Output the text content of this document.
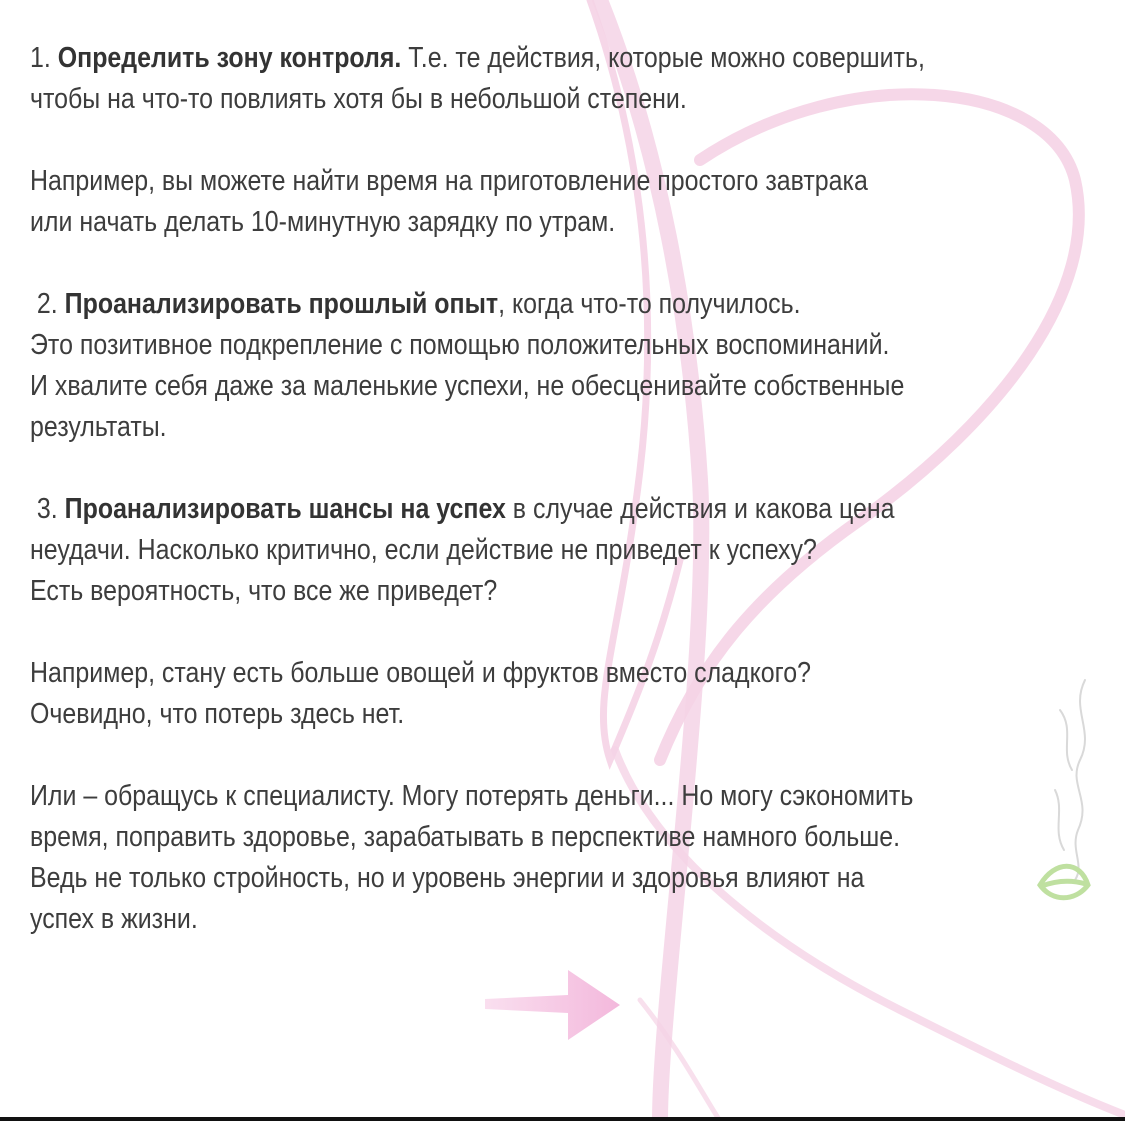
1. Определить зону контроля. Т.е. те действия, которые можно совершить,

чтобы на что-то повлиять хотя бы в небольшой степени.

Например, вы можете найти время на приготовление простого завтрака

или начать делать 10-минутную зарядку по утрам.

2. Проанализировать прошлый опыт, когда что-то получилось.

Это позитивное подкрепление с помощью положительных воспоминаний.

И хвалите себя даже за маленькие успехи, не обесценивайте собственные

результаты.

3. Проанализировать шансы на успех в случае действия и какова цена

неудачи. Насколько критично, если действие не приведет к успеху?

Есть вероятность, что все же приведет?

Например, стану есть больше овощей и фруктов вместо сладкого?

Очевидно, что потерь здесь нет.

Или – обращусь к специалисту. Могу потерять деньги... Но могу сэкономить

время, поправить здоровье, зарабатывать в перспективе намного больше.

Ведь не только стройность, но и уровень энергии и здоровья влияют на

успех в жизни.
